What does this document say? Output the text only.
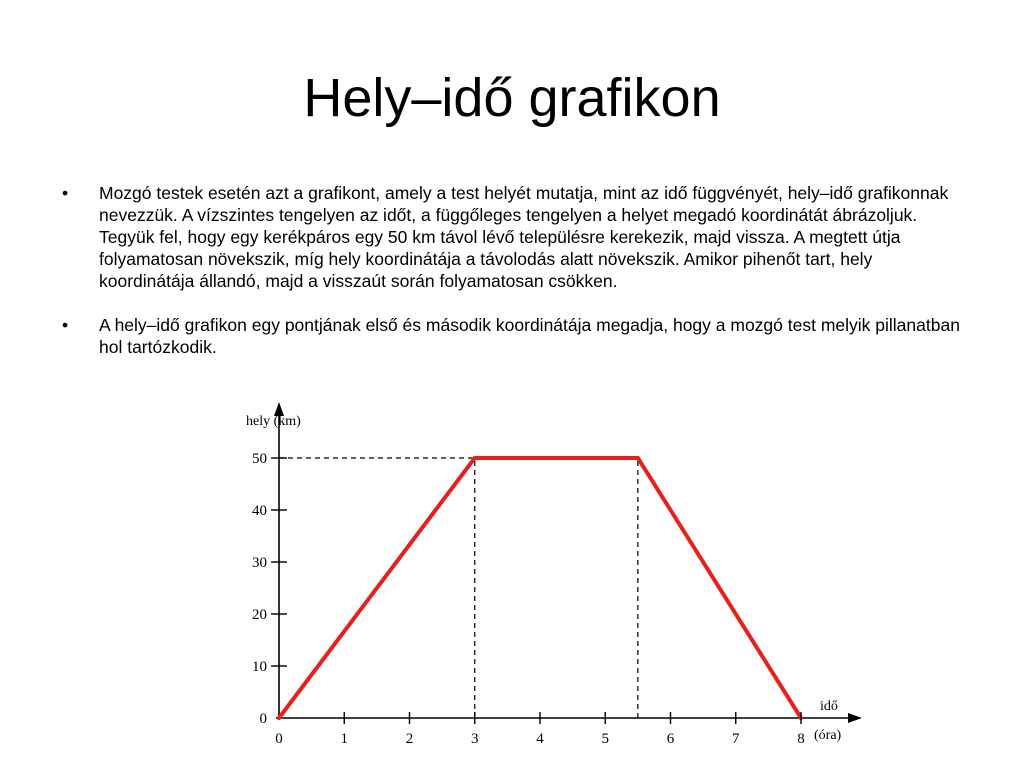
Hely–idő grafikon
• Mozgó testek esetén azt a grafikont, amely a test helyét mutatja, mint az idő függvényét, hely–idő grafikonnak nevezzük. A vízszintes tengelyen az időt, a függőleges tengelyen a helyet megadó koordinátát ábrázoljuk. Tegyük fel, hogy egy kerékpáros egy 50 km távol lévő településre kerekezik, majd vissza. A megtett útja folyamatosan növekszik, míg hely koordinátája a távolodás alatt növekszik. Amikor pihenőt tart, hely koordinátája állandó, majd a visszaút során folyamatosan csökken.
• A hely–idő grafikon egy pontjának első és második koordinátája megadja, hogy a mozgó test melyik pillanatban hol tartózkodik.
0	1	2	3	4	5	6	7	8
0
10
20
30
40
50
hely (km)
idő
(óra)
